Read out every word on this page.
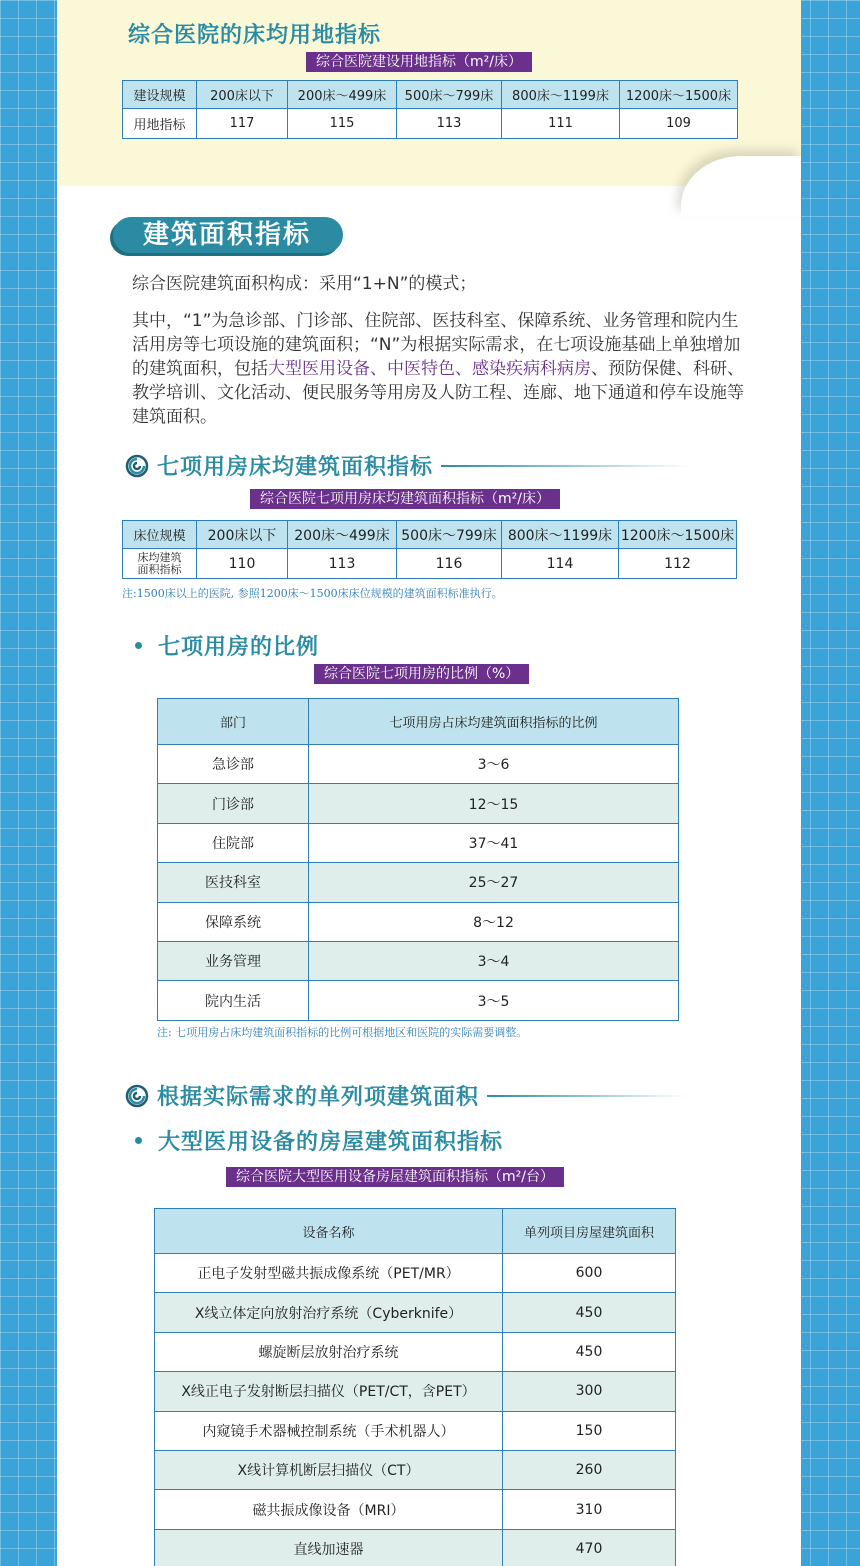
综合医院的床均用地指标
综合医院建设用地指标（m²/床）
建设规模	200床以下	200床～499床	500床～799床	800床～1199床	1200床～1500床
用地指标	117	115	113	111	109
建筑面积指标
综合医院建筑面积构成：采用“1+N”的模式；
其中，“1”为急诊部、门诊部、住院部、医技科室、保障系统、业务管理和院内生活用房等七项设施的建筑面积；“N”为根据实际需求，在七项设施基础上单独增加的建筑面积，包括大型医用设备、中医特色、感染疾病科病房、预防保健、科研、教学培训、文化活动、便民服务等用房及人防工程、连廊、地下通道和停车设施等建筑面积。
七项用房床均建筑面积指标
综合医院七项用房床均建筑面积指标（m²/床）
床位规模	200床以下	200床～499床	500床～799床	800床～1199床	1200床～1500床
床均建筑
面积指标	110	113	116	114	112
注:1500床以上的医院, 参照1200床～1500床床位规模的建筑面积标准执行。
七项用房的比例
综合医院七项用房的比例（%）
部门	七项用房占床均建筑面积指标的比例
急诊部	3～6
门诊部	12～15
住院部	37～41
医技科室	25～27
保障系统	8～12
业务管理	3～4
院内生活	3～5
注: 七项用房占床均建筑面积指标的比例可根据地区和医院的实际需要调整。
根据实际需求的单列项建筑面积
大型医用设备的房屋建筑面积指标
综合医院大型医用设备房屋建筑面积指标（m²/台）
设备名称	单列项目房屋建筑面积
正电子发射型磁共振成像系统（PET/MR）	600
X线立体定向放射治疗系统（Cyberknife）	450
螺旋断层放射治疗系统	450
X线正电子发射断层扫描仪（PET/CT，含PET）	300
内窥镜手术器械控制系统（手术机器人）	150
X线计算机断层扫描仪（CT）	260
磁共振成像设备（MRI）	310
直线加速器	470
